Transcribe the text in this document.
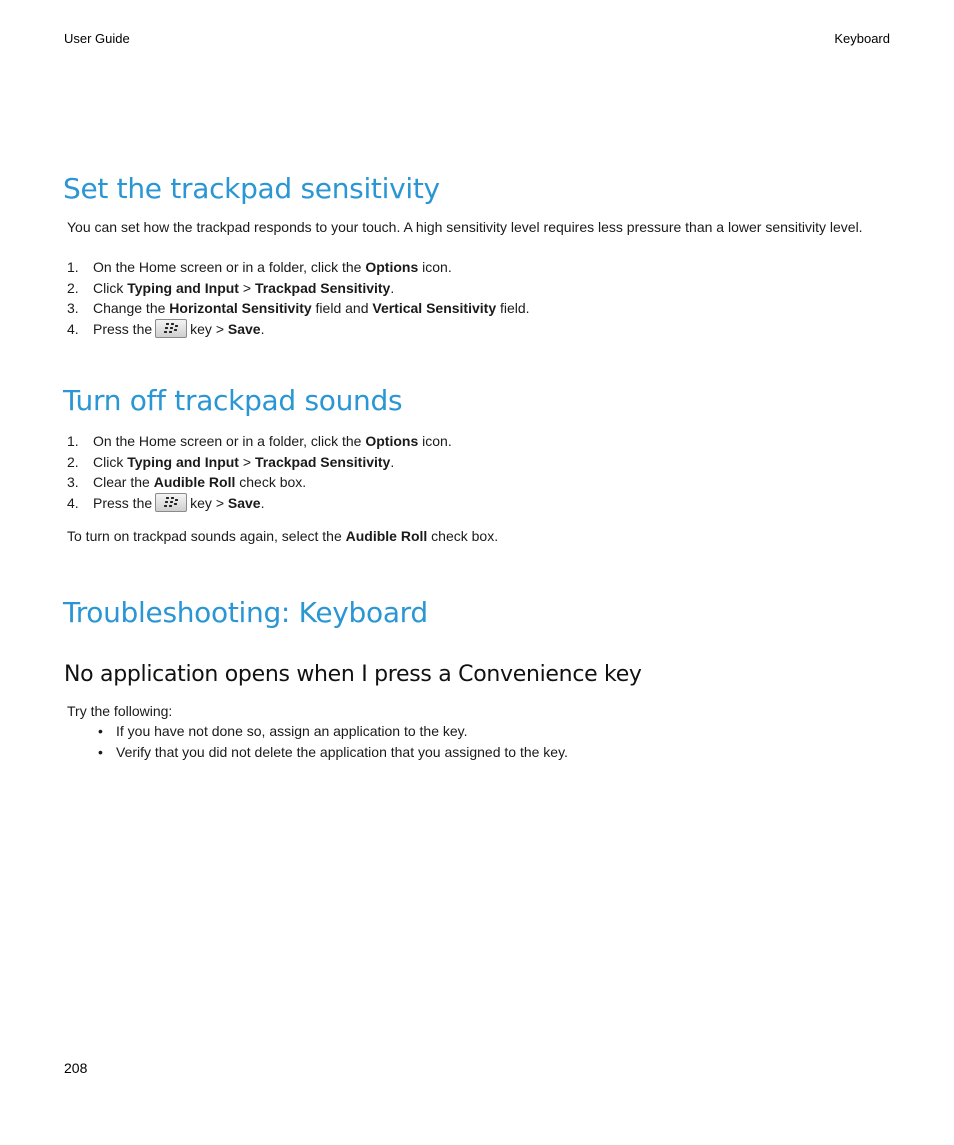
User Guide	Keyboard
Set the trackpad sensitivity

You can set how the trackpad responds to your touch. A high sensitivity level requires less pressure than a lower sensitivity level.

1. On the Home screen or in a folder, click the Options icon.
2. Click Typing and Input > Trackpad Sensitivity.
3. Change the Horizontal Sensitivity field and Vertical Sensitivity field.
4. Press the	key > Save.
Turn off trackpad sounds
1. On the Home screen or in a folder, click the Options icon.
2. Click Typing and Input > Trackpad Sensitivity.
3. Clear the Audible Roll check box.
4. Press the	key > Save.

To turn on trackpad sounds again, select the Audible Roll check box.

Troubleshooting: Keyboard
No application opens when I press a Convenience key

Try the following:

• If you have not done so, assign an application to the key.
• Verify that you did not delete the application that you assigned to the key.
208
